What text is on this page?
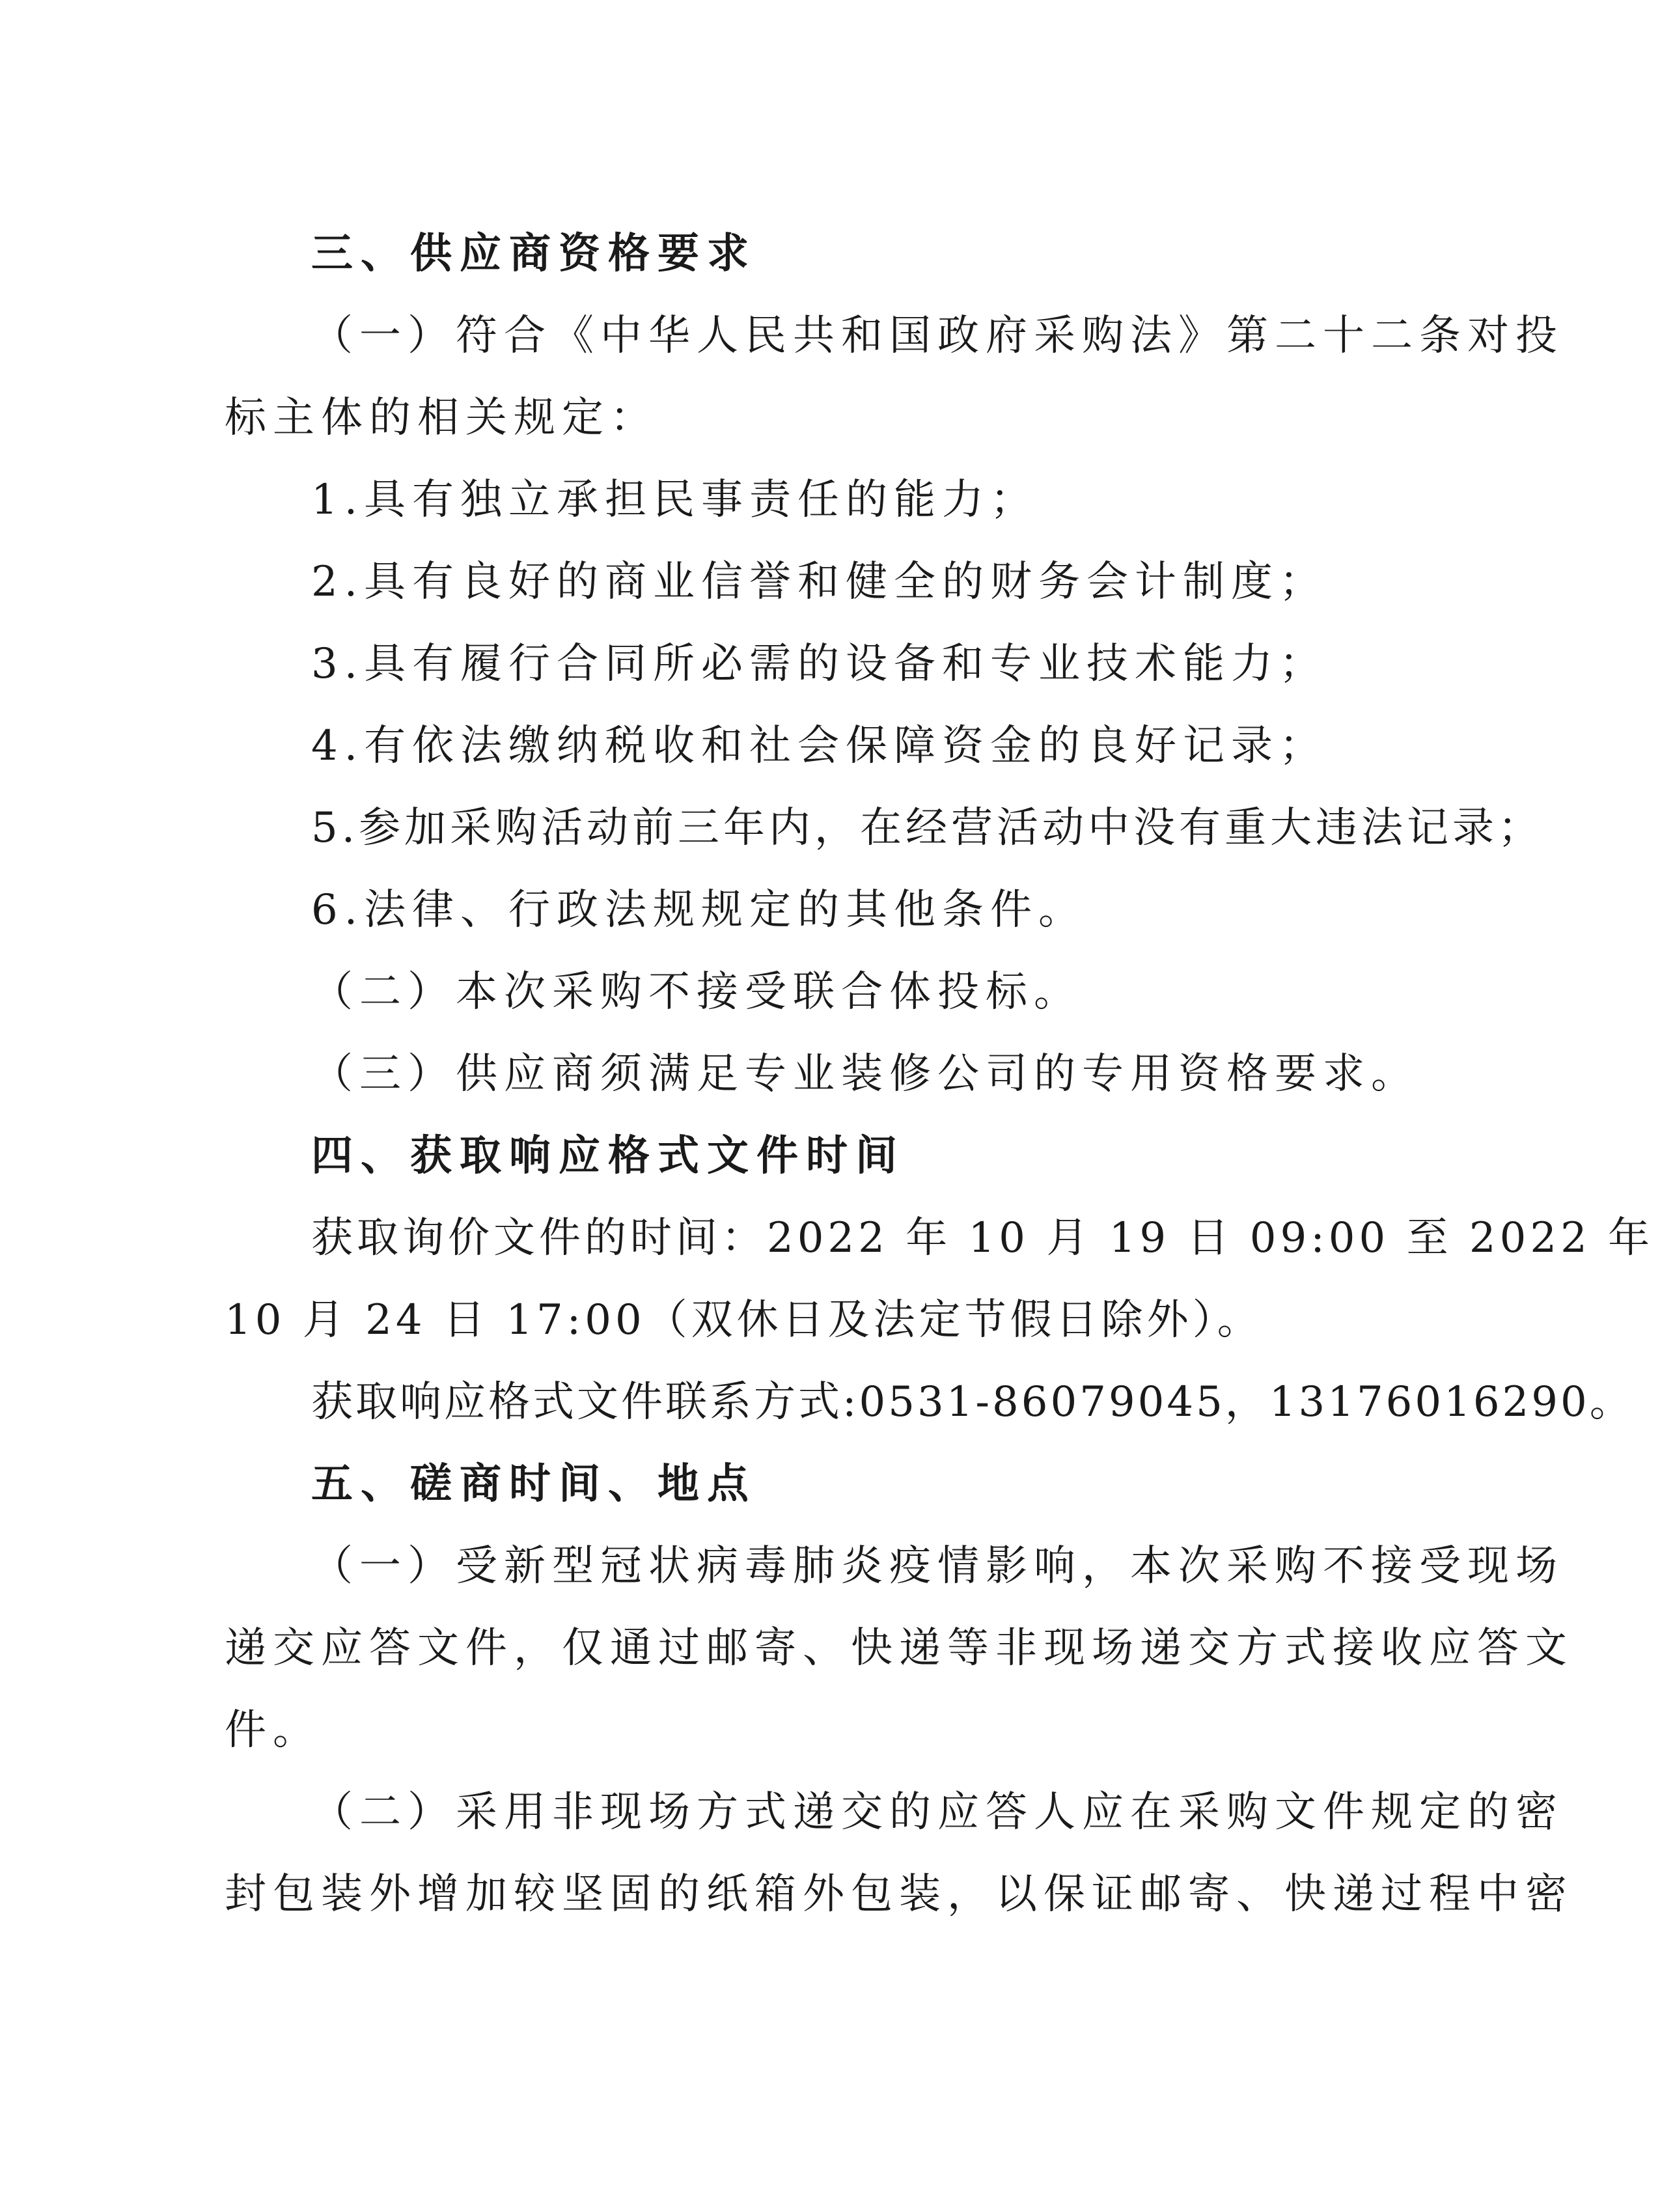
三、供应商资格要求
（一）符合《中华人民共和国政府采购法》第二十二条对投
标主体的相关规定：
1.具有独立承担民事责任的能力；
2.具有良好的商业信誉和健全的财务会计制度；
3.具有履行合同所必需的设备和专业技术能力；
4.有依法缴纳税收和社会保障资金的良好记录；
5.参加采购活动前三年内，在经营活动中没有重大违法记录；
6.法律、行政法规规定的其他条件。
（二）本次采购不接受联合体投标。
（三）供应商须满足专业装修公司的专用资格要求。
四、获取响应格式文件时间
获取询价文件的时间：2022 年 10 月 19 日 09:00 至 2022 年
10 月 24 日 17:00（双休日及法定节假日除外）。
获取响应格式文件联系方式:0531-86079045，13176016290。
五、磋商时间、地点
（一）受新型冠状病毒肺炎疫情影响，本次采购不接受现场
递交应答文件，仅通过邮寄、快递等非现场递交方式接收应答文
件。
（二）采用非现场方式递交的应答人应在采购文件规定的密
封包装外增加较坚固的纸箱外包装，以保证邮寄、快递过程中密
